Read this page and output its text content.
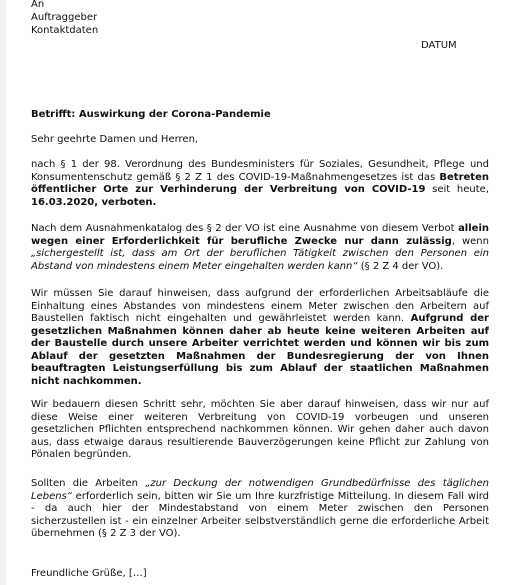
An
Auftraggeber
Kontaktdaten
DATUM
Betrifft: Auswirkung der Corona-Pandemie
Sehr geehrte Damen und Herren,
nach § 1 der 98. Verordnung des Bundesministers für Soziales, Gesundheit, Pflege und Konsumentenschutz gemäß § 2 Z 1 des COVID-19-Maßnahmengesetzes ist das Betreten öffentlicher Orte zur Verhinderung der Verbreitung von COVID-19 seit heute, 16.03.2020, verboten.
Nach dem Ausnahmenkatalog des § 2 der VO ist eine Ausnahme von diesem Verbot allein wegen einer Erforderlichkeit für berufliche Zwecke nur dann zulässig, wenn „sichergestellt ist, dass am Ort der beruflichen Tätigkeit zwischen den Personen ein Abstand von mindestens einem Meter eingehalten werden kann“ (§ 2 Z 4 der VO).
Wir müssen Sie darauf hinweisen, dass aufgrund der erforderlichen Arbeitsabläufe die Einhaltung eines Abstandes von mindestens einem Meter zwischen den Arbeitern auf Baustellen faktisch nicht eingehalten und gewährleistet werden kann. Aufgrund der gesetzlichen Maßnahmen können daher ab heute keine weiteren Arbeiten auf der Baustelle durch unsere Arbeiter verrichtet werden und können wir bis zum Ablauf der gesetzten Maßnahmen der Bundesregierung der von Ihnen beauftragten Leistungserfüllung bis zum Ablauf der staatlichen Maßnahmen nicht nachkommen.
Wir bedauern diesen Schritt sehr, möchten Sie aber darauf hinweisen, dass wir nur auf diese Weise einer weiteren Verbreitung von COVID-19 vorbeugen und unseren gesetzlichen Pflichten entsprechend nachkommen können. Wir gehen daher auch davon aus, dass etwaige daraus resultierende Bauverzögerungen keine Pflicht zur Zahlung von Pönalen begründen.
Sollten die Arbeiten „zur Deckung der notwendigen Grundbedürfnisse des täglichen Lebens“ erforderlich sein, bitten wir Sie um Ihre kurzfristige Mitteilung. In diesem Fall wird - da auch hier der Mindestabstand von einem Meter zwischen den Personen sicherzustellen ist - ein einzelner Arbeiter selbstverständlich gerne die erforderliche Arbeit übernehmen (§ 2 Z 3 der VO).
Freundliche Grüße, […]
